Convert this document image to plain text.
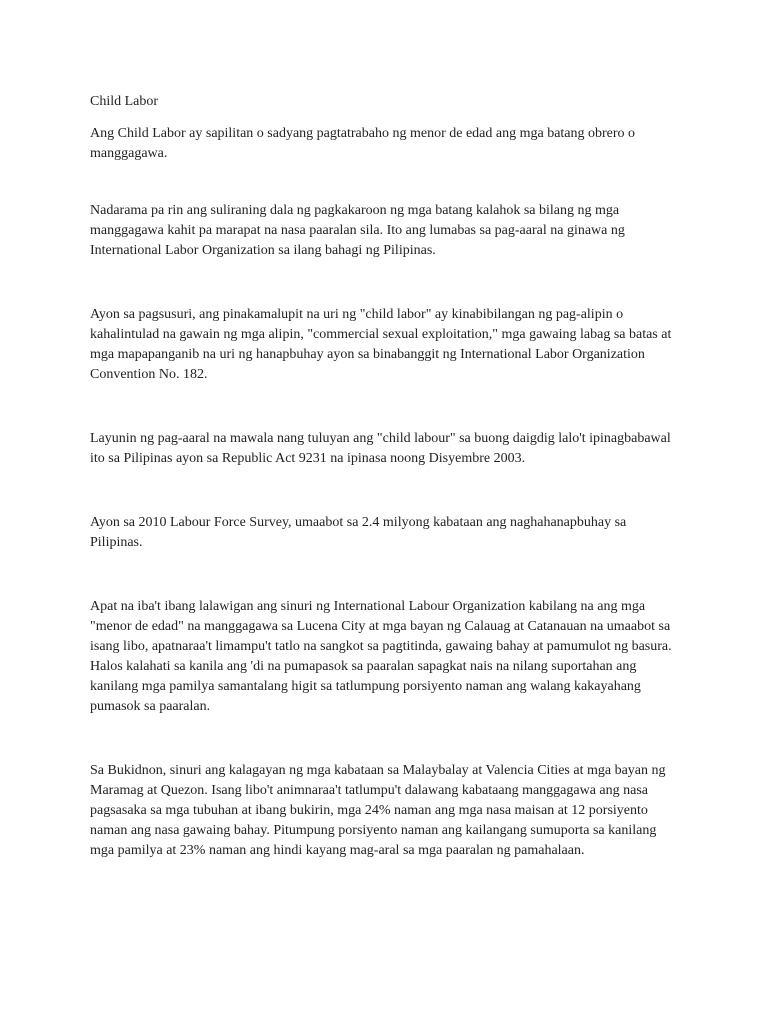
Child Labor

Ang Child Labor ay sapilitan o sadyang pagtatrabaho ng menor de edad ang mga batang obrero o manggagawa.

Nadarama pa rin ang suliraning dala ng pagkakaroon ng mga batang kalahok sa bilang ng mga manggagawa kahit pa marapat na nasa paaralan sila. Ito ang lumabas sa pag-aaral na ginawa ng International Labor Organization sa ilang bahagi ng Pilipinas.

Ayon sa pagsusuri, ang pinakamalupit na uri ng "child labor" ay kinabibilangan ng pag-alipin o kahalintulad na gawain ng mga alipin, "commercial sexual exploitation," mga gawaing labag sa batas at mga mapapanganib na uri ng hanapbuhay ayon sa binabanggit ng International Labor Organization Convention No. 182.

Layunin ng pag-aaral na mawala nang tuluyan ang "child labour" sa buong daigdig lalo't ipinagbabawal ito sa Pilipinas ayon sa Republic Act 9231 na ipinasa noong Disyembre 2003.

Ayon sa 2010 Labour Force Survey, umaabot sa 2.4 milyong kabataan ang naghahanapbuhay sa Pilipinas.

Apat na iba't ibang lalawigan ang sinuri ng International Labour Organization kabilang na ang mga "menor de edad" na manggagawa sa Lucena City at mga bayan ng Calauag at Catanauan na umaabot sa isang libo, apatnaraa't limampu't tatlo na sangkot sa pagtitinda, gawaing bahay at pamumulot ng basura. Halos kalahati sa kanila ang 'di na pumapasok sa paaralan sapagkat nais na nilang suportahan ang kanilang mga pamilya samantalang higit sa tatlumpung porsiyento naman ang walang kakayahang pumasok sa paaralan.

Sa Bukidnon, sinuri ang kalagayan ng mga kabataan sa Malaybalay at Valencia Cities at mga bayan ng Maramag at Quezon. Isang libo't animnaraa't tatlumpu't dalawang kabataang manggagawa ang nasa pagsasaka sa mga tubuhan at ibang bukirin, mga 24% naman ang mga nasa maisan at 12 porsiyento naman ang nasa gawaing bahay. Pitumpung porsiyento naman ang kailangang sumuporta sa kanilang mga pamilya at 23% naman ang hindi kayang mag-aral sa mga paaralan ng pamahalaan.
